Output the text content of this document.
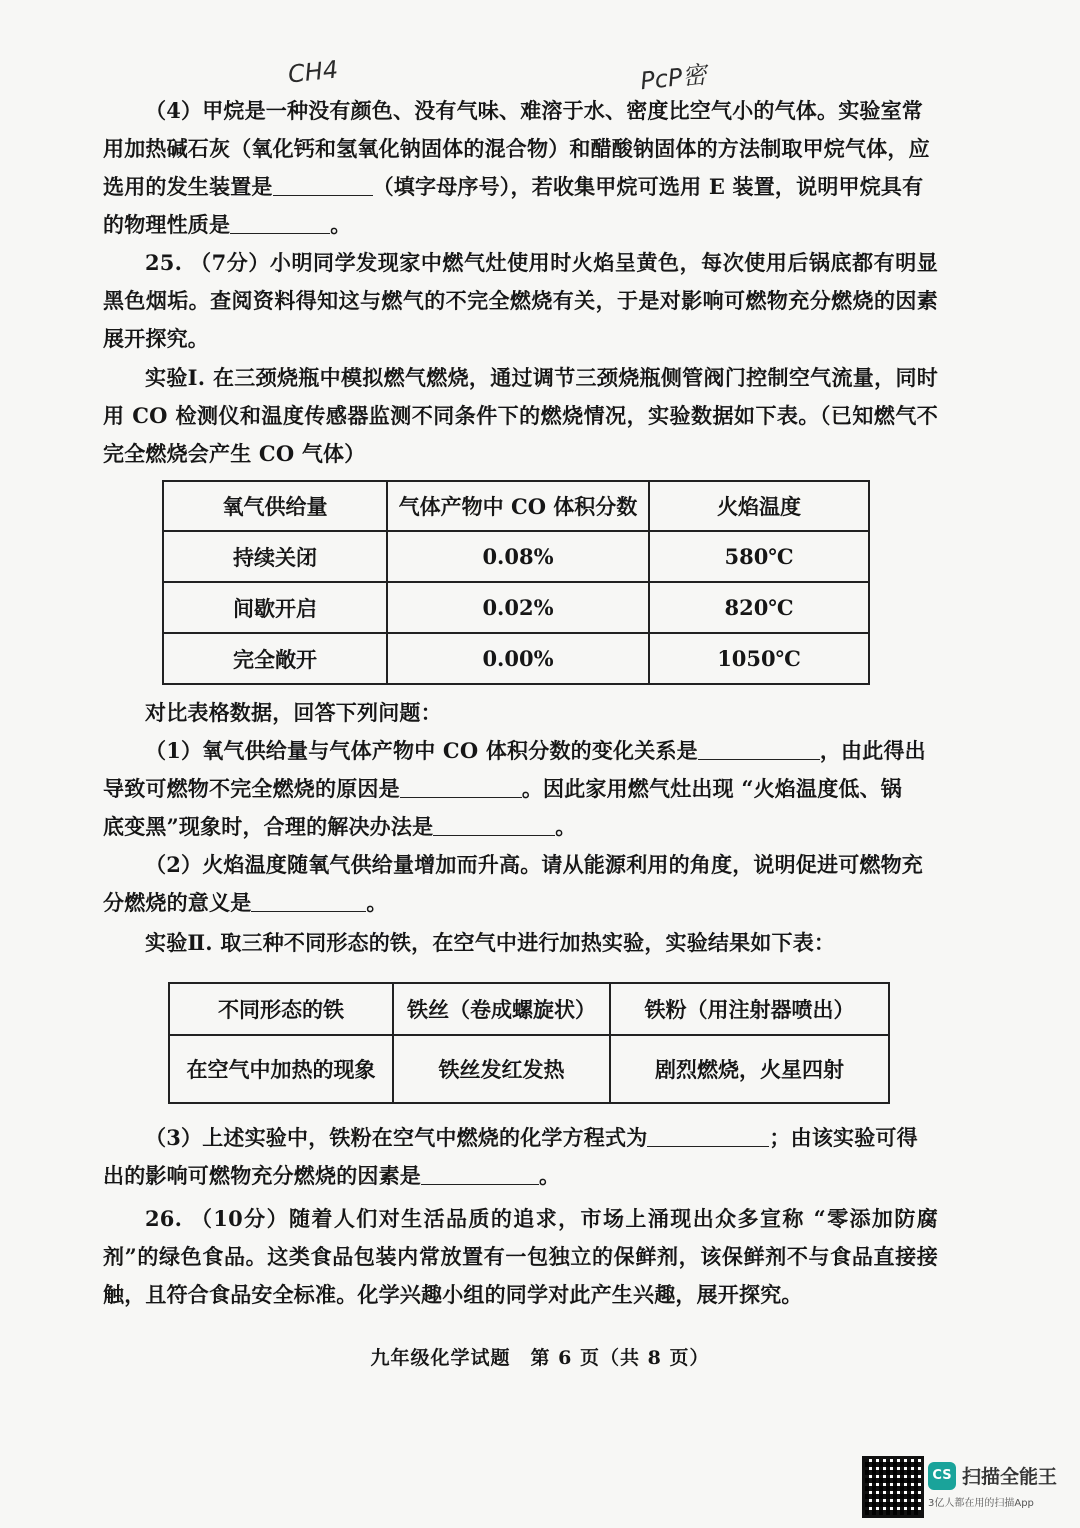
CH4	PcP密
（4）甲烷是一种没有颜色、没有气味、难溶于水、密度比空气小的气体。实验室常
用加热碱石灰（氧化钙和氢氧化钠固体的混合物）和醋酸钠固体的方法制取甲烷气体，应
选用的发生装置是	（填字母序号），若收集甲烷可选用 E 装置，说明甲烷具有
的物理性质是	。
25. （7分）小明同学发现家中燃气灶使用时火焰呈黄色，每次使用后锅底都有明显黑色烟垢。查阅资料得知这与燃气的不完全燃烧有关，于是对影响可燃物充分燃烧的因素展开探究。
实验Ⅰ. 在三颈烧瓶中模拟燃气燃烧，通过调节三颈烧瓶侧管阀门控制空气流量，同时用 CO 检测仪和温度传感器监测不同条件下的燃烧情况，实验数据如下表。（已知燃气不完全燃烧会产生 CO 气体）
氧气供给量	气体产物中 CO 体积分数	火焰温度
持续关闭	0.08%	580℃
间歇开启	0.02%	820℃
完全敞开	0.00%	1050℃
对比表格数据，回答下列问题：
（1）氧气供给量与气体产物中 CO 体积分数的变化关系是	，由此得出
导致可燃物不完全燃烧的原因是	。因此家用燃气灶出现 “火焰温度低、锅
底变黑”现象时，合理的解决办法是	。
（2）火焰温度随氧气供给量增加而升高。请从能源利用的角度，说明促进可燃物充
分燃烧的意义是	。
实验Ⅱ. 取三种不同形态的铁，在空气中进行加热实验，实验结果如下表：
不同形态的铁	铁丝（卷成螺旋状）	铁粉（用注射器喷出）
在空气中加热的现象	铁丝发红发热	剧烈燃烧，火星四射
（3）上述实验中，铁粉在空气中燃烧的化学方程式为	；由该实验可得
出的影响可燃物充分燃烧的因素是	。
26. （10分）随着人们对生活品质的追求，市场上涌现出众多宣称 “零添加防腐剂”的绿色食品。这类食品包装内常放置有一包独立的保鲜剂，该保鲜剂不与食品直接接触，且符合食品安全标准。化学兴趣小组的同学对此产生兴趣，展开探究。
九年级化学试题　第 6 页（共 8 页）
CS 扫描全能王
3亿人都在用的扫描App
